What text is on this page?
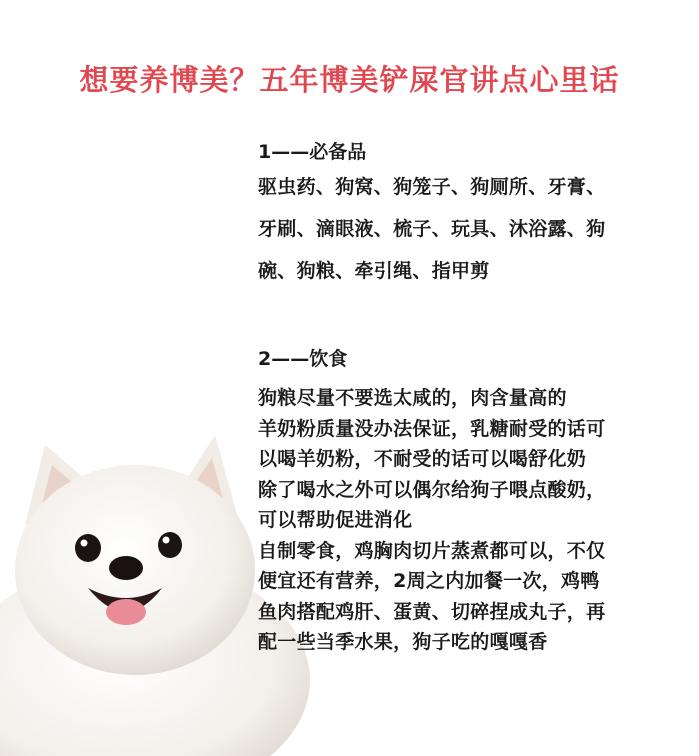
想要养博美？五年博美铲屎官讲点心里话
1——必备品
驱虫药、狗窝、狗笼子、狗厕所、牙膏、
牙刷、滴眼液、梳子、玩具、沐浴露、狗
碗、狗粮、牵引绳、指甲剪
2——饮食
狗粮尽量不要选太咸的，肉含量高的
羊奶粉质量没办法保证，乳糖耐受的话可
以喝羊奶粉，不耐受的话可以喝舒化奶
除了喝水之外可以偶尔给狗子喂点酸奶，
可以帮助促进消化
自制零食，鸡胸肉切片蒸煮都可以，不仅
便宜还有营养，2周之内加餐一次，鸡鸭
鱼肉搭配鸡肝、蛋黄、切碎捏成丸子，再
配一些当季水果，狗子吃的嘎嘎香
